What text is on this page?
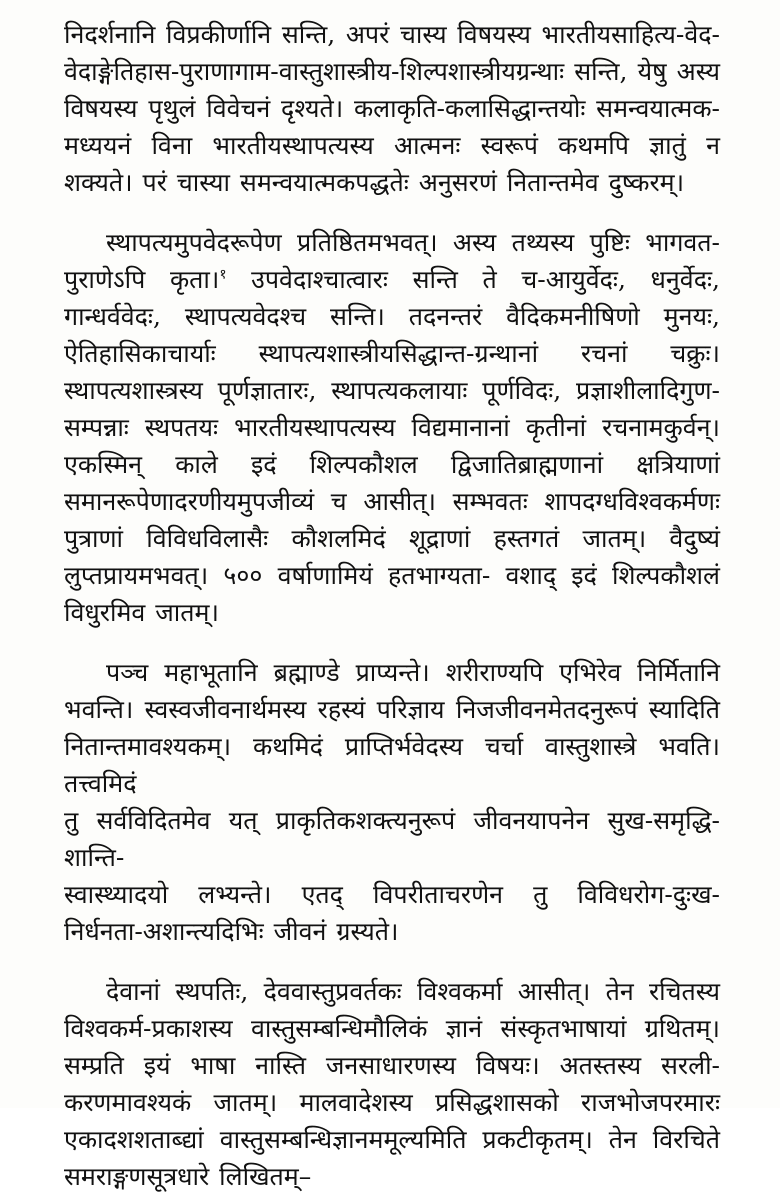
निदर्शनानि विप्रकीर्णानि सन्ति, अपरं चास्य विषयस्य भारतीयसाहित्य-वेद-
वेदाङ्गेतिहास-पुराणागाम-वास्तुशास्त्रीय-शिल्पशास्त्रीयग्रन्थाः सन्ति, येषु अस्य
विषयस्य पृथुलं विवेचनं दृश्यते। कलाकृति-कलासिद्धान्तयोः समन्वयात्मक-
मध्ययनं विना भारतीयस्थापत्यस्य आत्मनः स्वरूपं कथमपि ज्ञातुं न
शक्यते। परं चास्या समन्वयात्मकपद्धतेः अनुसरणं नितान्तमेव दुष्करम्।
स्थापत्यमुपवेदरूपेण प्रतिष्ठितमभवत्। अस्य तथ्यस्य पुष्टिः भागवत-
पुराणेऽपि कृता।$^१$ उपवेदाश्चात्वारः सन्ति ते च-आयुर्वेदः, धनुर्वेदः,
गान्धर्ववेदः, स्थापत्यवेदश्च सन्ति। तदनन्तरं वैदिकमनीषिणो मुनयः,
ऐतिहासिकाचार्याः स्थापत्यशास्त्रीयसिद्धान्त-ग्रन्थानां रचनां चक्रुः।
स्थापत्यशास्त्रस्य पूर्णज्ञातारः, स्थापत्यकलायाः पूर्णविदः, प्रज्ञाशीलादिगुण-
सम्पन्नाः स्थपतयः भारतीयस्थापत्यस्य विद्यमानानां कृतीनां रचनामकुर्वन्।
एकस्मिन् काले इदं शिल्पकौशल द्विजातिब्राह्मणानां क्षत्रियाणां
समानरूपेणादरणीयमुपजीव्यं च आसीत्। सम्भवतः शापदग्धविश्वकर्मणः
पुत्राणां विविधविलासैः कौशलमिदं शूद्राणां हस्तगतं जातम्। वैदुष्यं
लुप्तप्रायमभवत्। ५०० वर्षाणामियं हतभाग्यता- वशाद् इदं शिल्पकौशलं
विधुरमिव जातम्।
पञ्च महाभूतानि ब्रह्माण्डे प्राप्यन्ते। शरीराण्यपि एभिरेव निर्मितानि
भवन्ति। स्वस्वजीवनार्थमस्य रहस्यं परिज्ञाय निजजीवनमेतदनुरूपं स्यादिति
नितान्तमावश्यकम्। कथमिदं प्राप्तिर्भवेदस्य चर्चा वास्तुशास्त्रे भवति। तत्त्वमिदं
तु सर्वविदितमेव यत् प्राकृतिकशक्त्यनुरूपं जीवनयापनेन सुख-समृद्धि-शान्ति-
स्वास्थ्यादयो लभ्यन्ते। एतद् विपरीताचरणेन तु विविधरोग-दुःख-
निर्धनता-अशान्त्यदिभिः जीवनं ग्रस्यते।
देवानां स्थपतिः, देववास्तुप्रवर्तकः विश्वकर्मा आसीत्। तेन रचितस्य
विश्वकर्म-प्रकाशस्य वास्तुसम्बन्धिमौलिकं ज्ञानं संस्कृतभाषायां ग्रथितम्।
सम्प्रति इयं भाषा नास्ति जनसाधारणस्य विषयः। अतस्तस्य सरली-
करणमावश्यकं जातम्। मालवादेशस्य प्रसिद्धशासको राजभोजपरमारः
एकादशशताब्द्यां वास्तुसम्बन्धिज्ञानममूल्यमिति प्रकटीकृतम्। तेन विरचिते
समराङ्गणसूत्रधारे लिखितम्–
